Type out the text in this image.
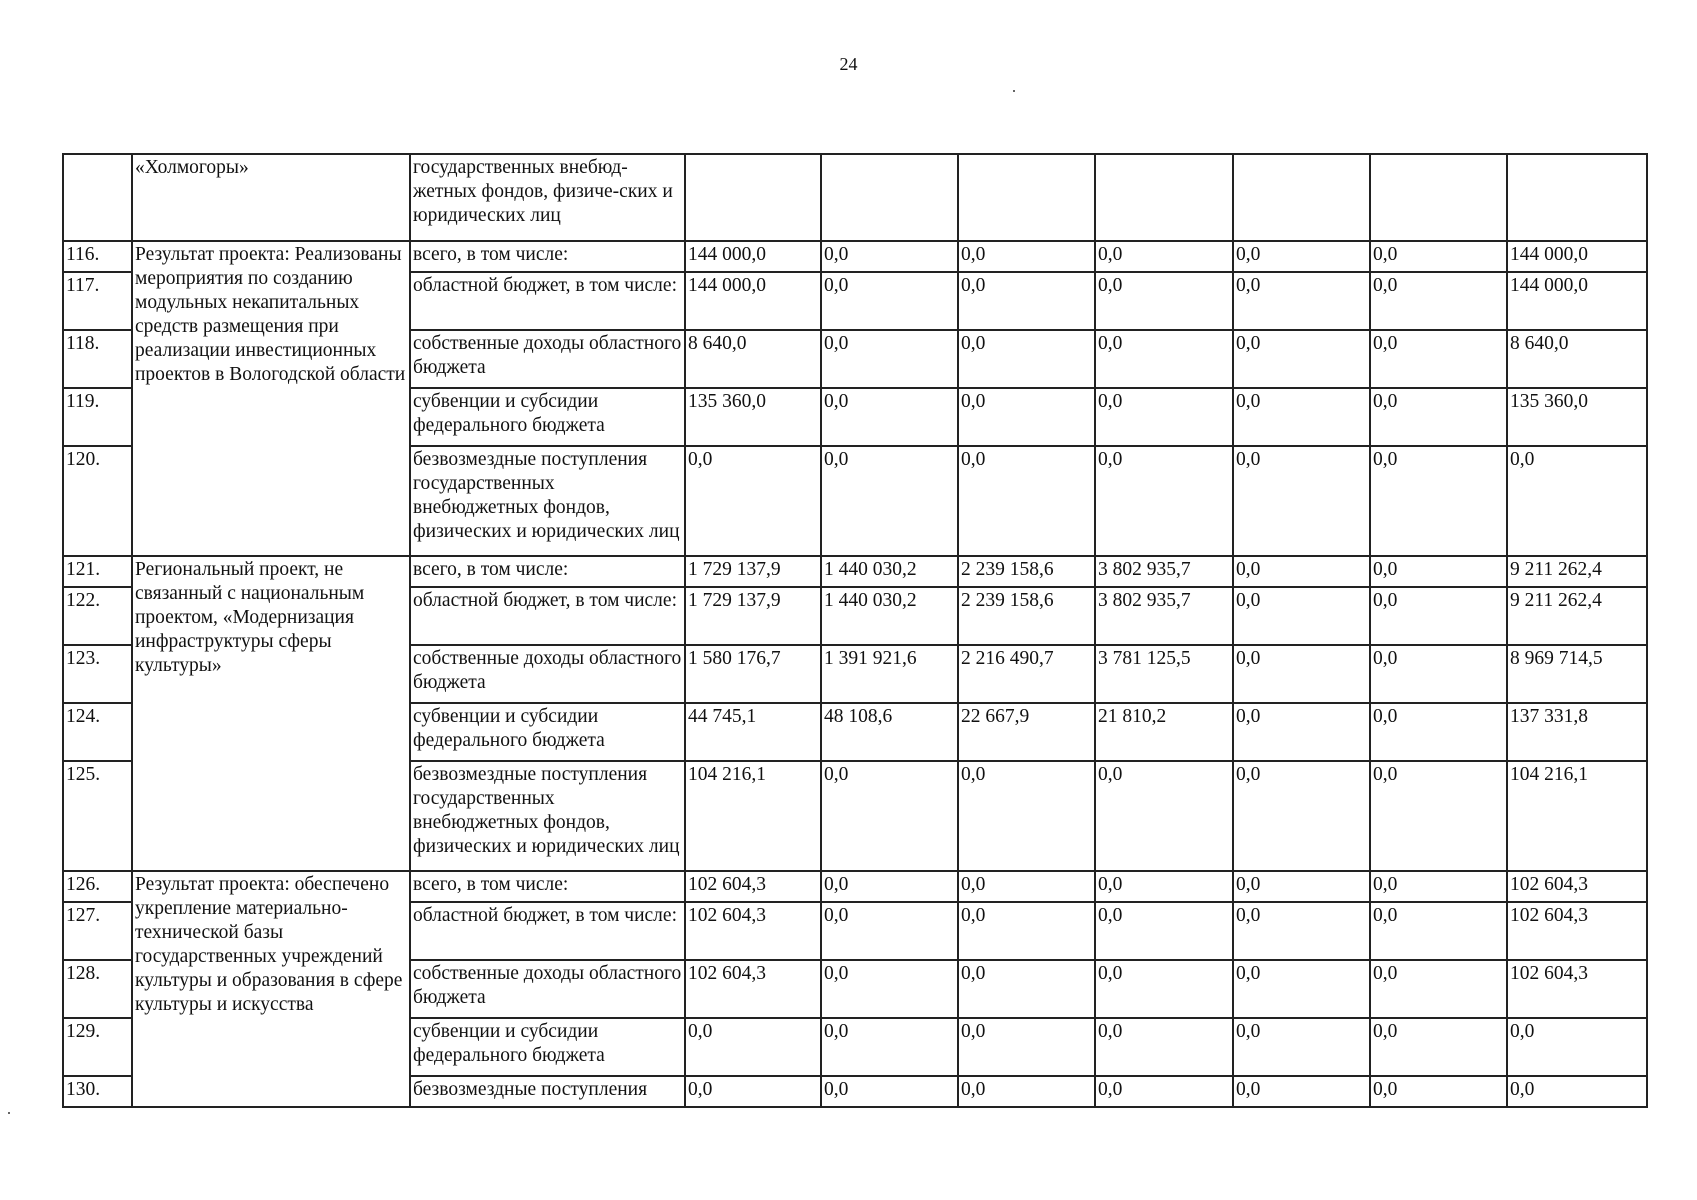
24
	«Холмогоры»	государственных внебюд-жетных фондов, физиче-ских и юридических лиц							
116.	Результат проекта: Реализованы мероприятия по созданию модульных некапитальных средств размещения при реализации инвестиционных проектов в Вологодской области	всего, в том числе:	144 000,0	0,0	0,0	0,0	0,0	0,0	144 000,0
117.		областной бюджет, в том числе:	144 000,0	0,0	0,0	0,0	0,0	0,0	144 000,0
118.		собственные доходы областного бюджета	8 640,0	0,0	0,0	0,0	0,0	0,0	8 640,0
119.		субвенции и субсидии федерального бюджета	135 360,0	0,0	0,0	0,0	0,0	0,0	135 360,0
120.		безвозмездные поступления государственных внебюджетных фондов, физических и юридических лиц	0,0	0,0	0,0	0,0	0,0	0,0	0,0
121.	Региональный проект, не связанный с национальным проектом, «Модернизация инфраструктуры сферы культуры»	всего, в том числе:	1 729 137,9	1 440 030,2	2 239 158,6	3 802 935,7	0,0	0,0	9 211 262,4
122.		областной бюджет, в том числе:	1 729 137,9	1 440 030,2	2 239 158,6	3 802 935,7	0,0	0,0	9 211 262,4
123.		собственные доходы областного бюджета	1 580 176,7	1 391 921,6	2 216 490,7	3 781 125,5	0,0	0,0	8 969 714,5
124.		субвенции и субсидии федерального бюджета	44 745,1	48 108,6	22 667,9	21 810,2	0,0	0,0	137 331,8
125.		безвозмездные поступления государственных внебюджетных фондов, физических и юридических лиц	104 216,1	0,0	0,0	0,0	0,0	0,0	104 216,1
126.	Результат проекта: обеспечено укрепление материально-технической базы государственных учреждений культуры и образования в сфере культуры и искусства	всего, в том числе:	102 604,3	0,0	0,0	0,0	0,0	0,0	102 604,3
127.		областной бюджет, в том числе:	102 604,3	0,0	0,0	0,0	0,0	0,0	102 604,3
128.		собственные доходы областного бюджета	102 604,3	0,0	0,0	0,0	0,0	0,0	102 604,3
129.		субвенции и субсидии федерального бюджета	0,0	0,0	0,0	0,0	0,0	0,0	0,0
130.		безвозмездные поступления	0,0	0,0	0,0	0,0	0,0	0,0	0,0
